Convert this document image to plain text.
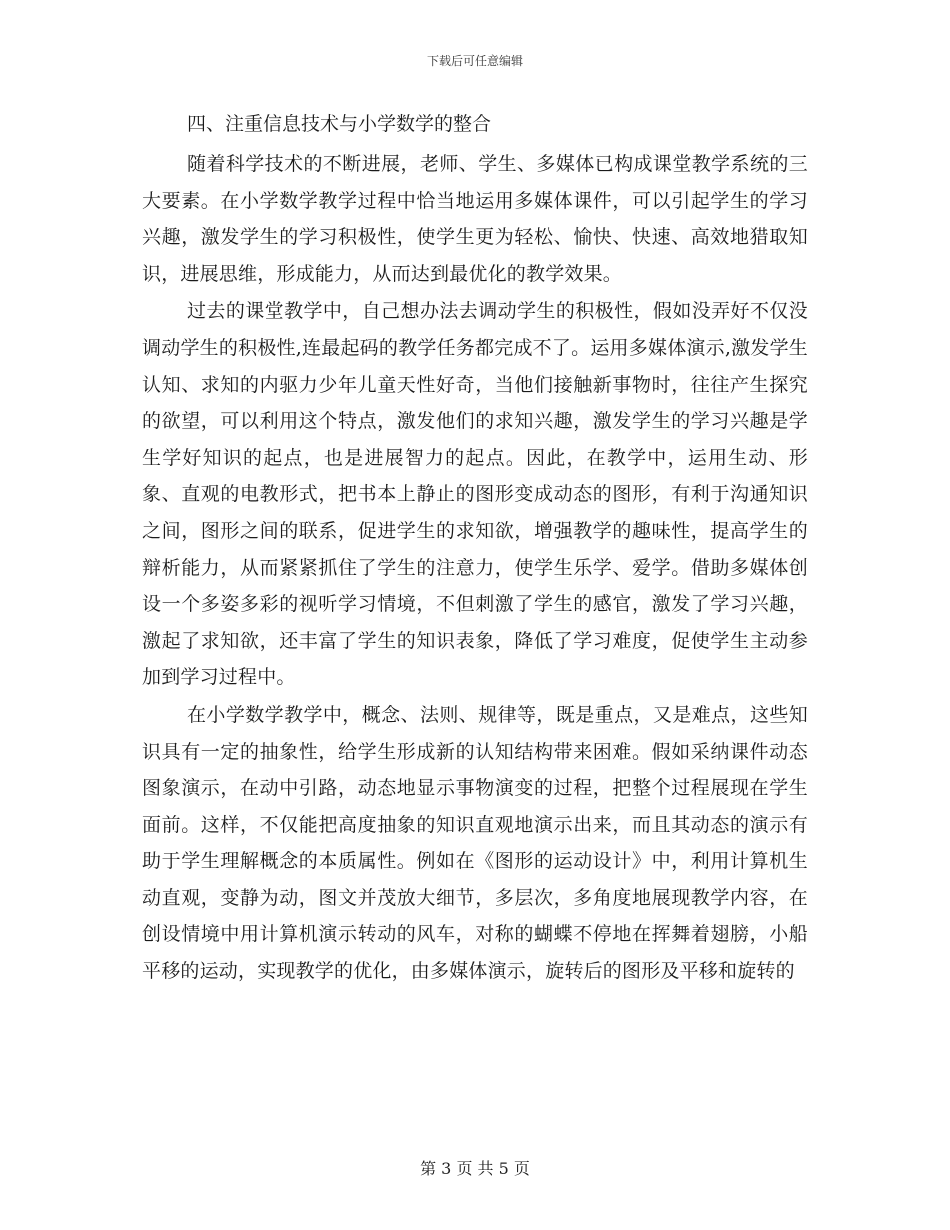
下载后可任意编辑
四、注重信息技术与小学数学的整合

随着科学技术的不断进展，老师、学生、多媒体已构成课堂教学系统的三大要素。在小学数学教学过程中恰当地运用多媒体课件，可以引起学生的学习兴趣，激发学生的学习积极性，使学生更为轻松、愉快、快速、高效地猎取知识，进展思维，形成能力，从而达到最优化的教学效果。

过去的课堂教学中，自己想办法去调动学生的积极性，假如没弄好不仅没调动学生的积极性,连最起码的教学任务都完成不了。运用多媒体演示,激发学生认知、求知的内驱力少年儿童天性好奇，当他们接触新事物时，往往产生探究的欲望，可以利用这个特点，激发他们的求知兴趣，激发学生的学习兴趣是学生学好知识的起点，也是进展智力的起点。因此，在教学中，运用生动、形象、直观的电教形式，把书本上静止的图形变成动态的图形，有利于沟通知识之间，图形之间的联系，促进学生的求知欲，增强教学的趣味性，提高学生的辩析能力，从而紧紧抓住了学生的注意力，使学生乐学、爱学。借助多媒体创设一个多姿多彩的视听学习情境，不但刺激了学生的感官，激发了学习兴趣，激起了求知欲，还丰富了学生的知识表象，降低了学习难度，促使学生主动参加到学习过程中。

在小学数学教学中，概念、法则、规律等，既是重点，又是难点，这些知识具有一定的抽象性，给学生形成新的认知结构带来困难。假如采纳课件动态图象演示，在动中引路，动态地显示事物演变的过程，把整个过程展现在学生面前。这样，不仅能把高度抽象的知识直观地演示出来，而且其动态的演示有助于学生理解概念的本质属性。例如在《图形的运动设计》中，利用计算机生动直观，变静为动，图文并茂放大细节，多层次，多角度地展现教学内容，在创设情境中用计算机演示转动的风车，对称的蝴蝶不停地在挥舞着翅膀，小船平移的运动，实现教学的优化，由多媒体演示，旋转后的图形及平移和旋转的

第 3 页 共 5 页
